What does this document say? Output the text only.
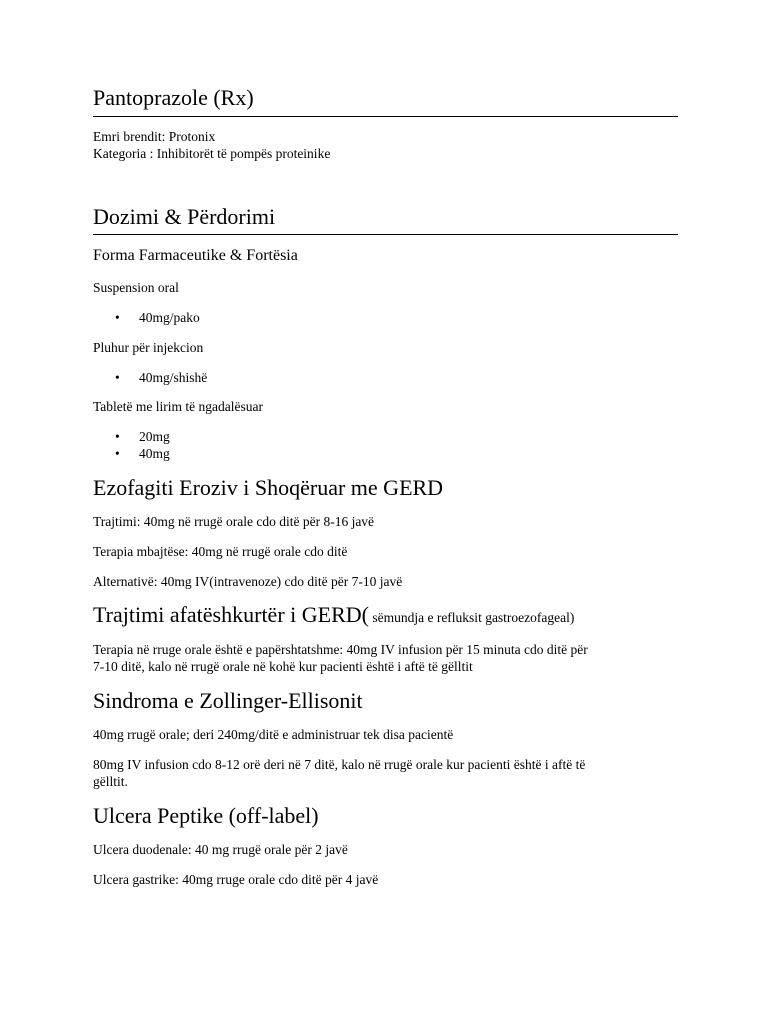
Pantoprazole (Rx)

Emri brendit: Protonix

Kategoria : Inhibitorët të pompës proteinike

Dozimi & Përdorimi

Forma Farmaceutike & Fortësia

Suspension oral

• 40mg/pako

Pluhur për injekcion

• 40mg/shishë

Tabletë me lirim të ngadalësuar

• 20mg
• 40mg
Ezofagiti Eroziv i Shoqëruar me GERD

Trajtimi: 40mg në rrugë orale cdo ditë për 8-16 javë

Terapia mbajtëse: 40mg në rrugë orale cdo ditë

Alternativë: 40mg IV(intravenoze) cdo ditë për 7-10 javë

Trajtimi afatëshkurtër i GERD( sëmundja e refluksit gastroezofageal)

Terapia në rruge orale është e papërshtatshme: 40mg IV infusion për 15 minuta cdo ditë për

7-10 ditë, kalo në rrugë orale në kohë kur pacienti është i aftë të gëlltit

Sindroma e Zollinger-Ellisonit

40mg rrugë orale; deri 240mg/ditë e administruar tek disa pacientë

80mg IV infusion cdo 8-12 orë deri në 7 ditë, kalo në rrugë orale kur pacienti është i aftë të

gëlltit.

Ulcera Peptike (off-label)

Ulcera duodenale: 40 mg rrugë orale për 2 javë

Ulcera gastrike: 40mg rruge orale cdo ditë për 4 javë
